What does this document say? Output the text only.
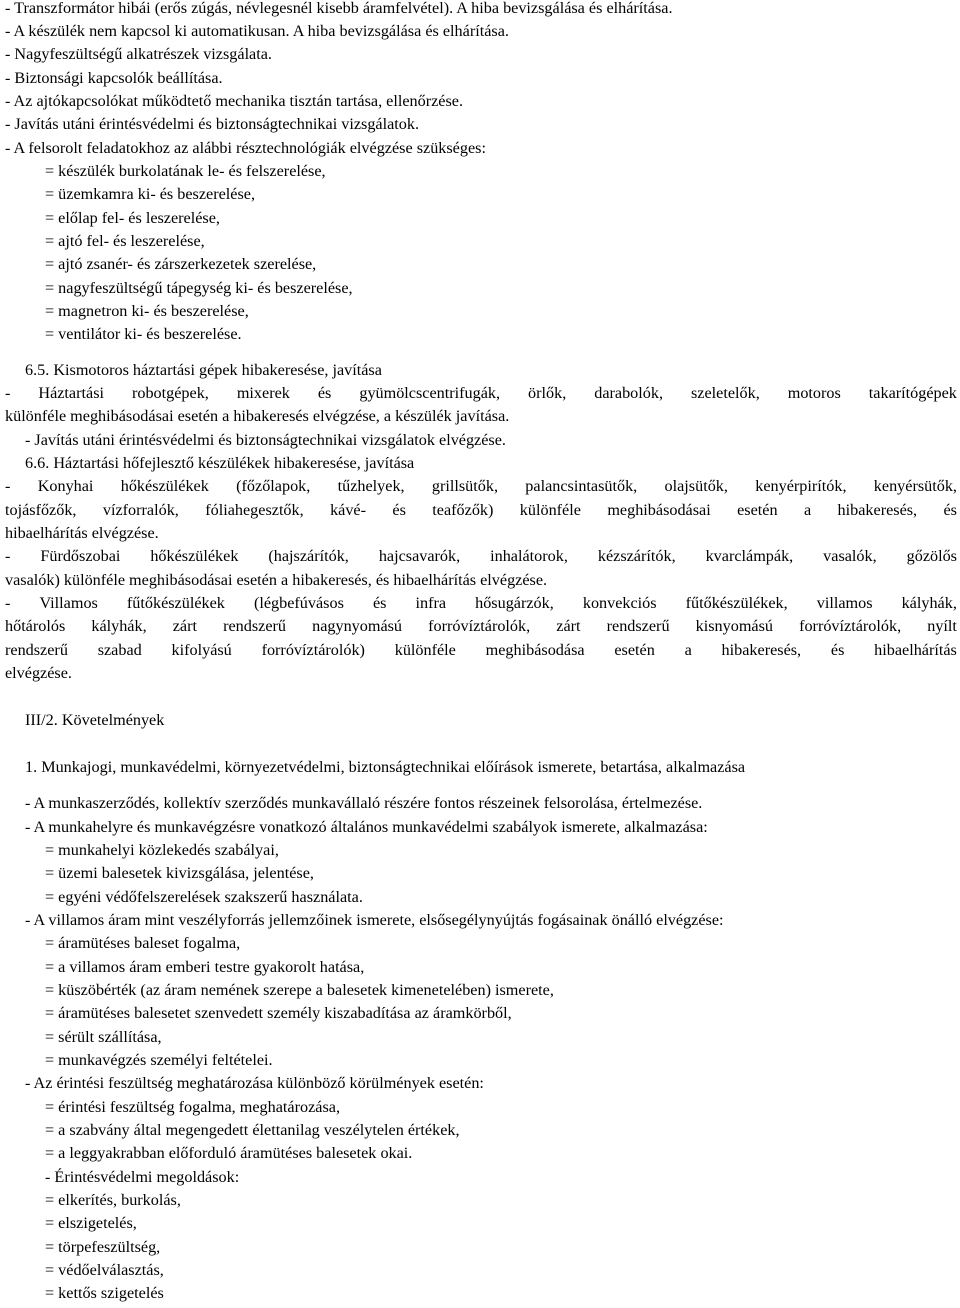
- Transzformátor hibái (erős zúgás, névlegesnél kisebb áramfelvétel). A hiba bevizsgálása és elhárítása.
- A készülék nem kapcsol ki automatikusan. A hiba bevizsgálása és elhárítása.
- Nagyfeszültségű alkatrészek vizsgálata.
- Biztonsági kapcsolók beállítása.
- Az ajtókapcsolókat működtető mechanika tisztán tartása, ellenőrzése.
- Javítás utáni érintésvédelmi és biztonságtechnikai vizsgálatok.
- A felsorolt feladatokhoz az alábbi résztechnológiák elvégzése szükséges:
= készülék burkolatának le- és felszerelése,
= üzemkamra ki- és beszerelése,
= előlap fel- és leszerelése,
= ajtó fel- és leszerelése,
= ajtó zsanér- és zárszerkezetek szerelése,
= nagyfeszültségű tápegység ki- és beszerelése,
= magnetron ki- és beszerelése,
= ventilátor ki- és beszerelése.
6.5. Kismotoros háztartási gépek hibakeresése, javítása
- Háztartási robotgépek, mixerek és gyümölcscentrifugák, örlők, darabolók, szeletelők, motoros takarítógépek
különféle meghibásodásai esetén a hibakeresés elvégzése, a készülék javítása.
- Javítás utáni érintésvédelmi és biztonságtechnikai vizsgálatok elvégzése.
6.6. Háztartási hőfejlesztő készülékek hibakeresése, javítása
- Konyhai hőkészülékek (főzőlapok, tűzhelyek, grillsütők, palancsintasütők, olajsütők, kenyérpirítók, kenyérsütők,
tojásfőzők, vízforralók, fóliahegesztők, kávé- és teafőzők) különféle meghibásodásai esetén a hibakeresés, és
hibaelhárítás elvégzése.
- Fürdőszobai hőkészülékek (hajszárítók, hajcsavarók, inhalátorok, kézszárítók, kvarclámpák, vasalók, gőzölős
vasalók) különféle meghibásodásai esetén a hibakeresés, és hibaelhárítás elvégzése.
- Villamos fűtőkészülékek (légbefúvásos és infra hősugárzók, konvekciós fűtőkészülékek, villamos kályhák,
hőtárolós kályhák, zárt rendszerű nagynyomású forróvíztárolók, zárt rendszerű kisnyomású forróvíztárolók, nyílt
rendszerű szabad kifolyású forróvíztárolók) különféle meghibásodása esetén a hibakeresés, és hibaelhárítás
elvégzése.
III/2. Követelmények
1. Munkajogi, munkavédelmi, környezetvédelmi, biztonságtechnikai előírások ismerete, betartása, alkalmazása
- A munkaszerződés, kollektív szerződés munkavállaló részére fontos részeinek felsorolása, értelmezése.
- A munkahelyre és munkavégzésre vonatkozó általános munkavédelmi szabályok ismerete, alkalmazása:
= munkahelyi közlekedés szabályai,
= üzemi balesetek kivizsgálása, jelentése,
= egyéni védőfelszerelések szakszerű használata.
- A villamos áram mint veszélyforrás jellemzőinek ismerete, elsősegélynyújtás fogásainak önálló elvégzése:
= áramütéses baleset fogalma,
= a villamos áram emberi testre gyakorolt hatása,
= küszöbérték (az áram nemének szerepe a balesetek kimenetelében) ismerete,
= áramütéses balesetet szenvedett személy kiszabadítása az áramkörből,
= sérült szállítása,
= munkavégzés személyi feltételei.
- Az érintési feszültség meghatározása különböző körülmények esetén:
= érintési feszültség fogalma, meghatározása,
= a szabvány által megengedett élettanilag veszélytelen értékek,
= a leggyakrabban előforduló áramütéses balesetek okai.
- Érintésvédelmi megoldások:
= elkerítés, burkolás,
= elszigetelés,
= törpefeszültség,
= védőelválasztás,
= kettős szigetelés
